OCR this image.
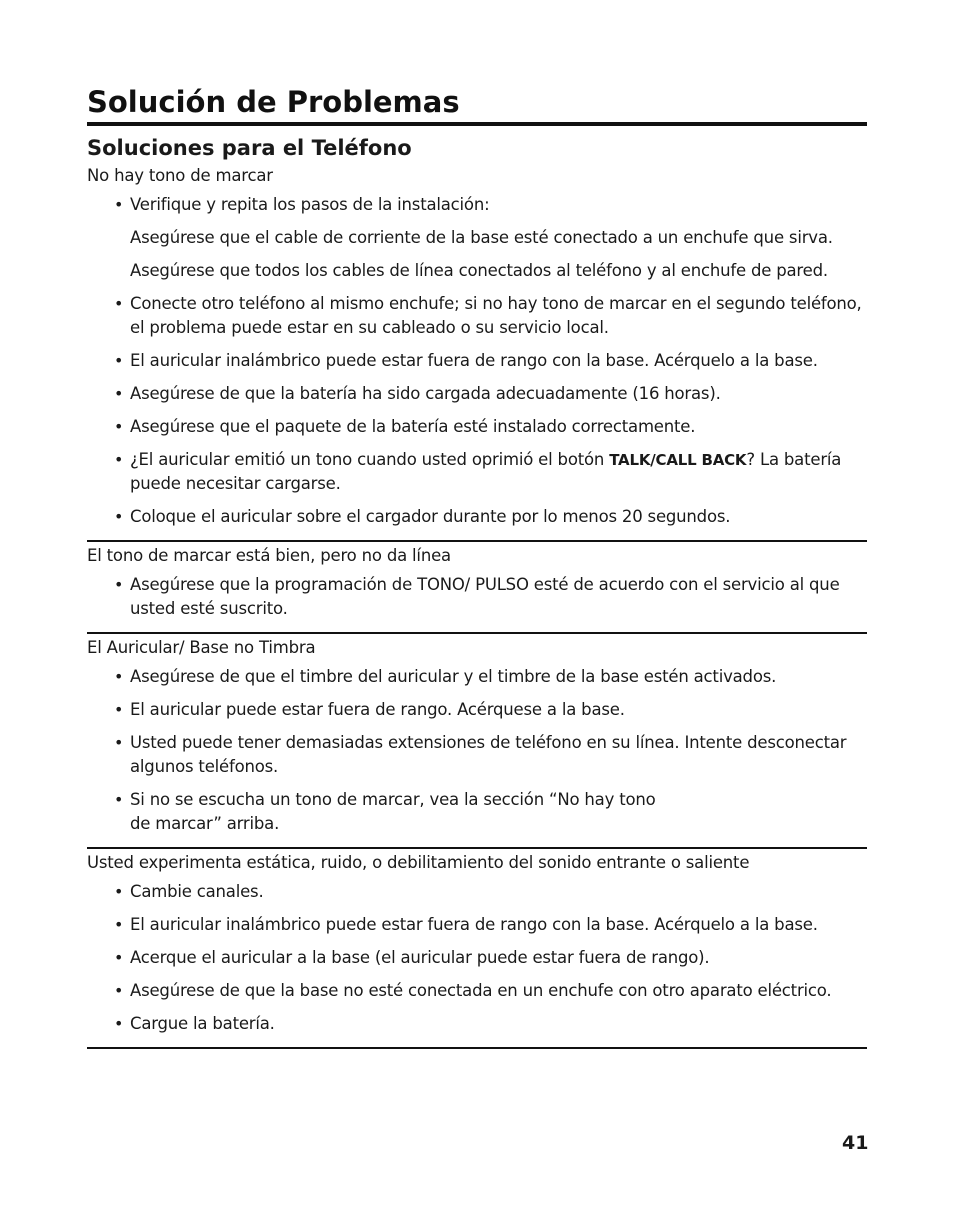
Solución de Problemas
Soluciones para el Teléfono
No hay tono de marcar
• Verifique y repita los pasos de la instalación:
Asegúrese que el cable de corriente de la base esté conectado a un enchufe que sirva.
Asegúrese que todos los cables de línea conectados al teléfono y al enchufe de pared.
• Conecte otro teléfono al mismo enchufe; si no hay tono de marcar en el segundo teléfono, el problema puede estar en su cableado o su servicio local.
• El auricular inalámbrico puede estar fuera de rango con la base. Acérquelo a la base.
• Asegúrese de que la batería ha sido cargada adecuadamente (16 horas).
• Asegúrese que el paquete de la batería esté instalado correctamente.
• ¿El auricular emitió un tono cuando usted oprimió el botón TALK/CALL BACK? La batería puede necesitar cargarse.
• Coloque el auricular sobre el cargador durante por lo menos 20 segundos.
El tono de marcar está bien, pero no da línea
• Asegúrese que la programación de TONO/ PULSO esté de acuerdo con el servicio al que usted esté suscrito.
El Auricular/ Base no Timbra
• Asegúrese de que el timbre del auricular y el timbre de la base estén activados.
• El auricular puede estar fuera de rango. Acérquese a la base.
• Usted puede tener demasiadas extensiones de teléfono en su línea. Intente desconectar algunos teléfonos.
• Si no se escucha un tono de marcar, vea la sección “No hay tono de marcar” arriba.
Usted experimenta estática, ruido, o debilitamiento del sonido entrante o saliente
• Cambie canales.
• El auricular inalámbrico puede estar fuera de rango con la base. Acérquelo a la base.
• Acerque el auricular a la base (el auricular puede estar fuera de rango).
• Asegúrese de que la base no esté conectada en un enchufe con otro aparato eléctrico.
• Cargue la batería.
41
